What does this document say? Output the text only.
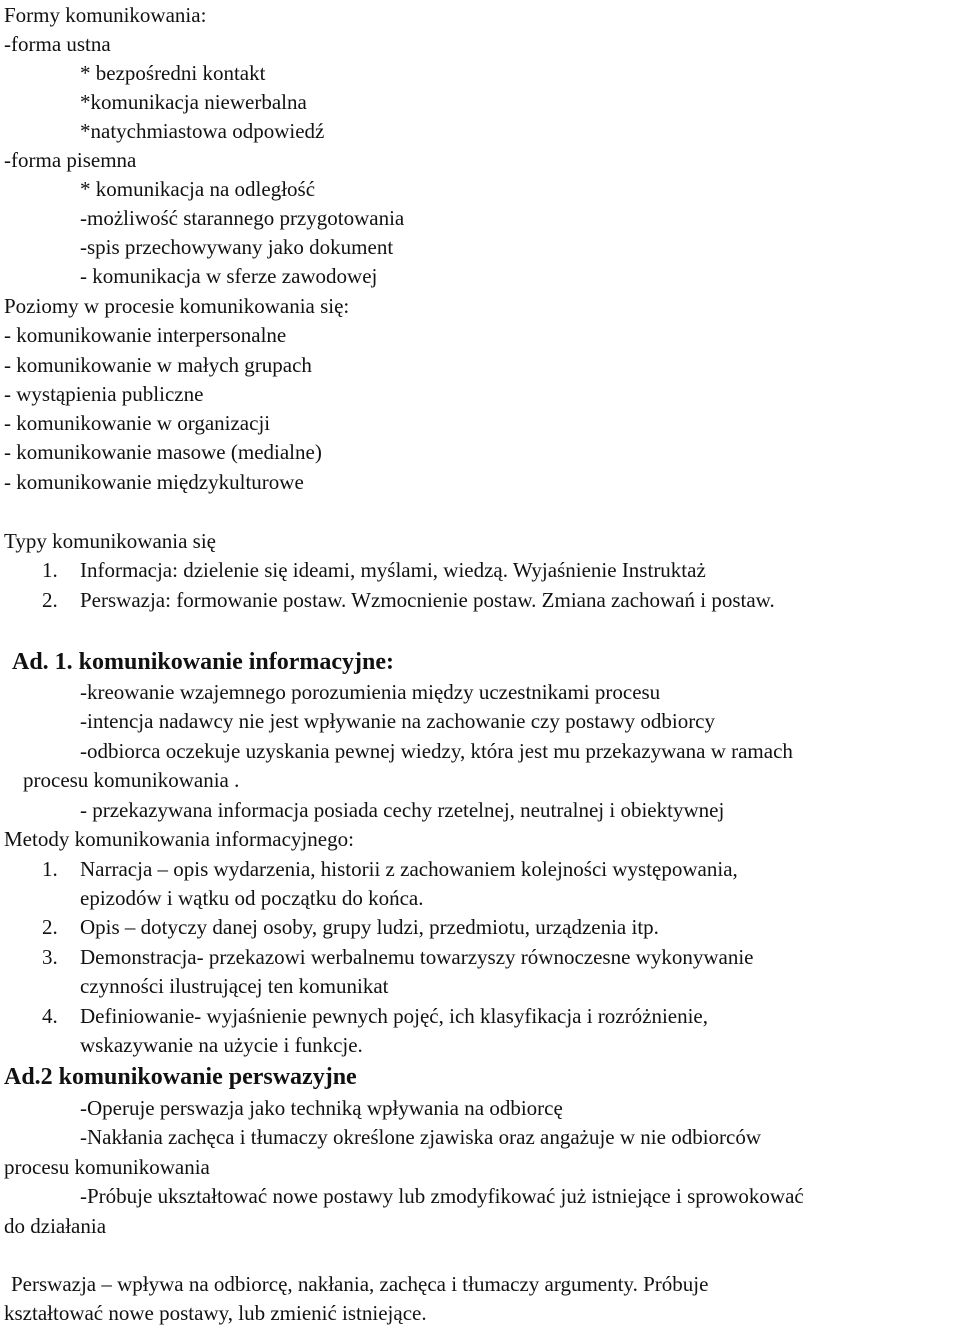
Formy komunikowania:
-forma ustna
* bezpośredni kontakt
*komunikacja niewerbalna
*natychmiastowa odpowiedź
-forma pisemna
* komunikacja na odległość
-możliwość starannego przygotowania
-spis przechowywany jako dokument
- komunikacja w sferze zawodowej
Poziomy w procesie komunikowania się:
- komunikowanie interpersonalne
- komunikowanie w małych grupach
- wystąpienia publiczne
- komunikowanie w organizacji
- komunikowanie masowe (medialne)
- komunikowanie międzykulturowe
Typy komunikowania się
1. Informacja: dzielenie się ideami, myślami, wiedzą. Wyjaśnienie Instruktaż
2. Perswazja: formowanie postaw. Wzmocnienie postaw. Zmiana zachowań i postaw.
Ad. 1. komunikowanie informacyjne:
-kreowanie wzajemnego porozumienia między uczestnikami procesu
-intencja nadawcy nie jest wpływanie na zachowanie czy postawy odbiorcy
-odbiorca oczekuje uzyskania pewnej wiedzy, która jest mu przekazywana w ramach
procesu komunikowania .
- przekazywana informacja posiada cechy rzetelnej, neutralnej i obiektywnej
Metody komunikowania informacyjnego:
1. Narracja – opis wydarzenia, historii z zachowaniem kolejności występowania,
epizodów i wątku od początku do końca.
2. Opis – dotyczy danej osoby, grupy ludzi, przedmiotu, urządzenia itp.
3. Demonstracja- przekazowi werbalnemu towarzyszy równoczesne wykonywanie
czynności ilustrującej ten komunikat
4. Definiowanie- wyjaśnienie pewnych pojęć, ich klasyfikacja i rozróżnienie,
wskazywanie na użycie i funkcje.
Ad.2 komunikowanie perswazyjne
-Operuje perswazja jako techniką wpływania na odbiorcę
-Nakłania zachęca i tłumaczy określone zjawiska oraz angażuje w nie odbiorców
procesu komunikowania
-Próbuje ukształtować nowe postawy lub zmodyfikować już istniejące i sprowokować
do działania
Perswazja – wpływa na odbiorcę, nakłania, zachęca i tłumaczy argumenty. Próbuje
kształtować nowe postawy, lub zmienić istniejące.
